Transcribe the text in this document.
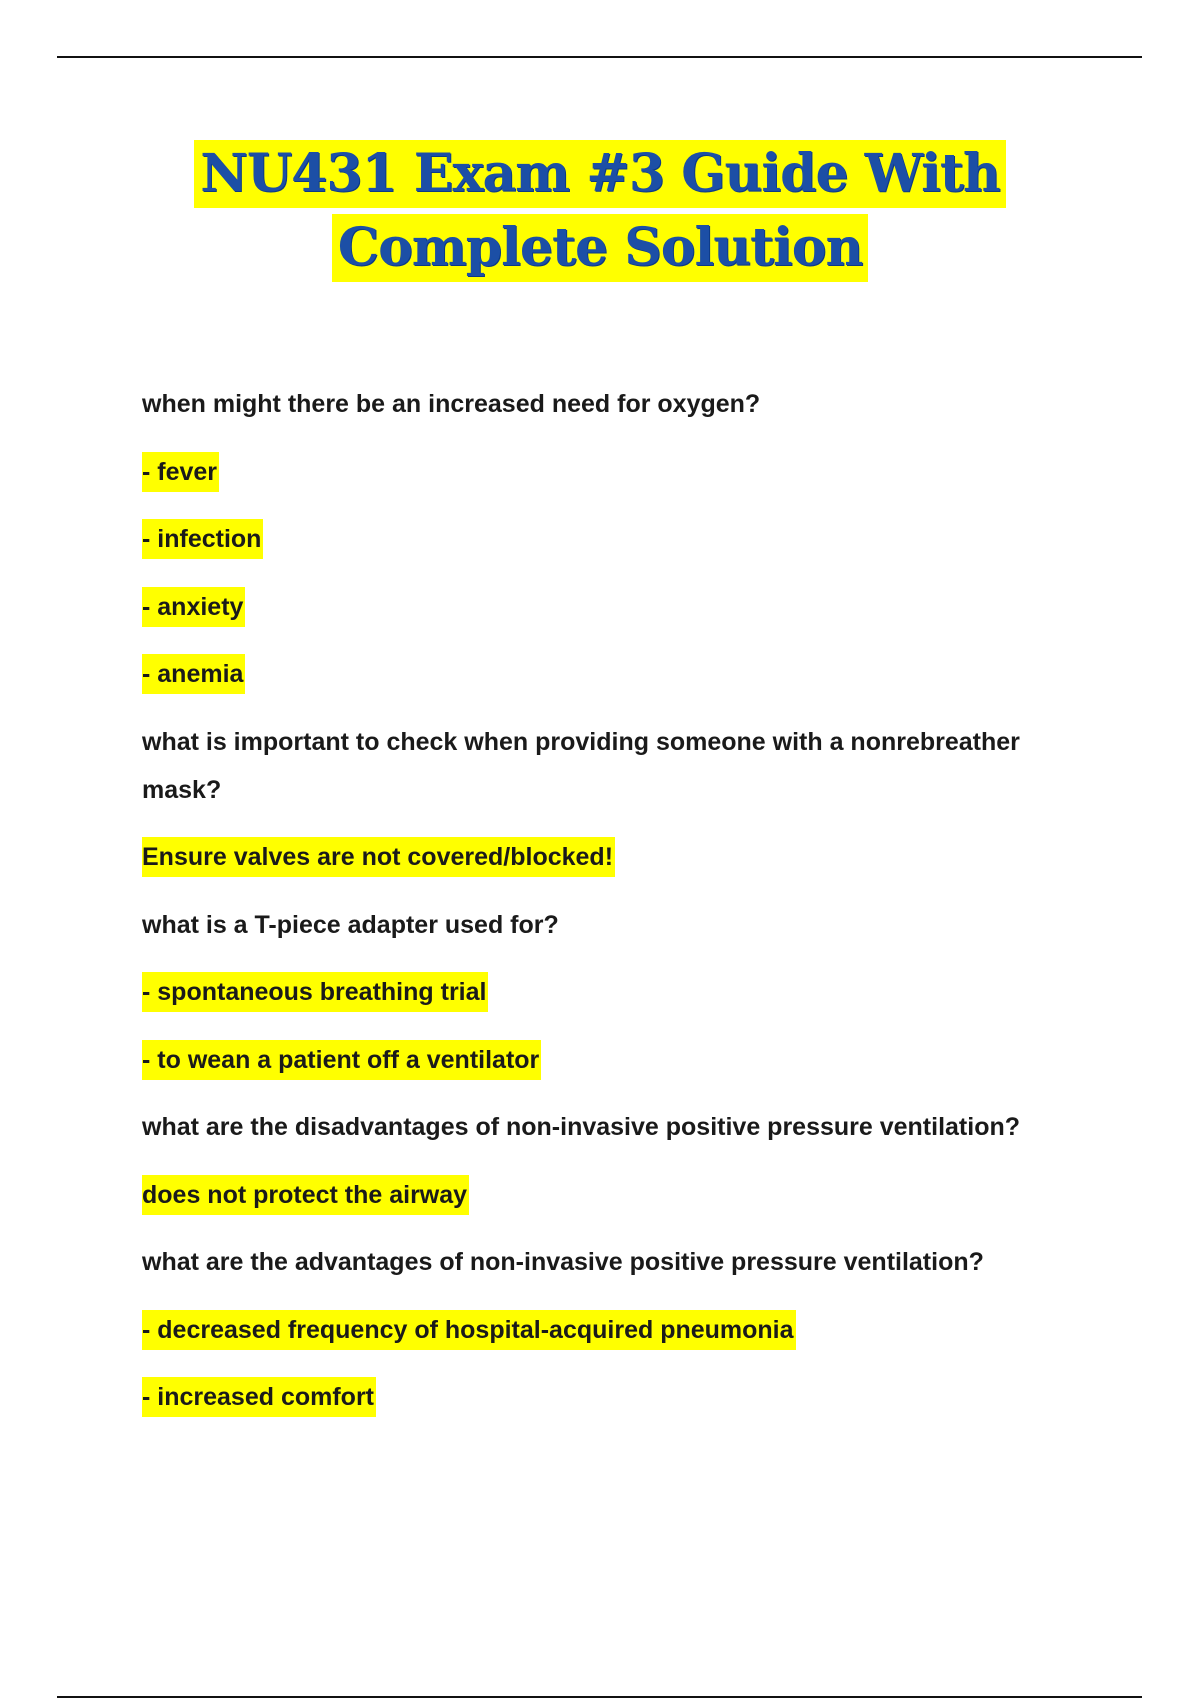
NU431 Exam #3 Guide With
Complete Solution
when might there be an increased need for oxygen?
- fever
- infection
- anxiety
- anemia
what is important to check when providing someone with a nonrebreather mask?
Ensure valves are not covered/blocked!
what is a T-piece adapter used for?
- spontaneous breathing trial
- to wean a patient off a ventilator
what are the disadvantages of non-invasive positive pressure ventilation?
does not protect the airway
what are the advantages of non-invasive positive pressure ventilation?
- decreased frequency of hospital-acquired pneumonia
- increased comfort
